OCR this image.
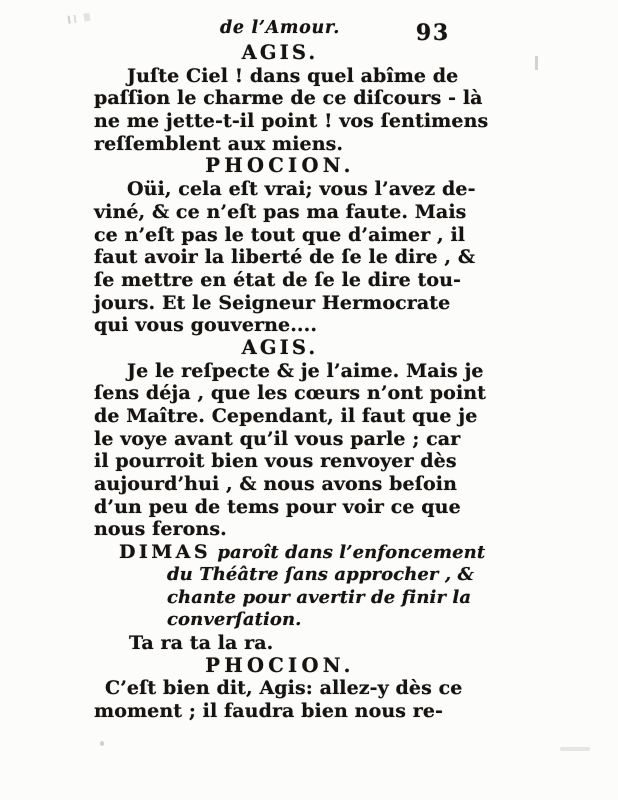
de l’Amour.	93
AGIS.
Juſte Ciel ! dans quel abîme de
paſſion le charme de ce diſcours - là
ne me jette-t-il point ! vos ſentimens
reſſemblent aux miens.
PHOCION.
Oüi, cela eſt vrai; vous l’avez de-
viné, & ce n’eſt pas ma faute. Mais
ce n’eſt pas le tout que d’aimer , il
faut avoir la liberté de ſe le dire , &
ſe mettre en état de ſe le dire tou-
jours. Et le Seigneur Hermocrate
qui vous gouverne....
AGIS.
Je le reſpecte & je l’aime. Mais je
ſens déja , que les cœurs n’ont point
de Maître. Cependant, il faut que je
le voye avant qu’il vous parle ; car
il pourroit bien vous renvoyer dès
aujourd’hui , & nous avons beſoin
d’un peu de tems pour voir ce que
nous ferons.
DIMAS paroît dans l’enfoncement
du Théâtre ſans approcher , &
chante pour avertir de finir la
converſation.
Ta ra ta la ra.
PHOCION.
C’eſt bien dit, Agis: allez-y dès ce
moment ; il faudra bien nous re-
